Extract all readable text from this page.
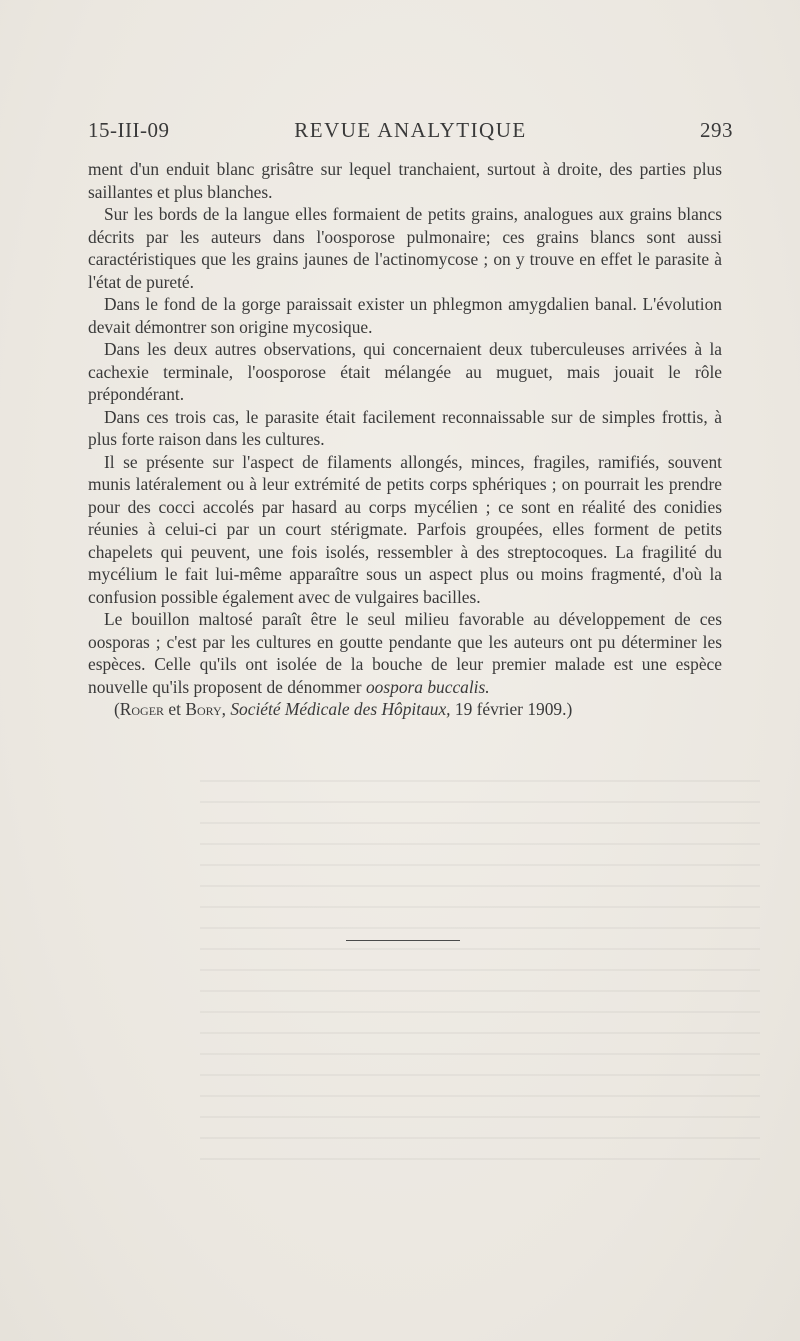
15-III-09	REVUE ANALYTIQUE	293

ment d'un enduit blanc grisâtre sur lequel tranchaient, surtout à droite, des parties plus saillantes et plus blanches.

Sur les bords de la langue elles formaient de petits grains, analogues aux grains blancs décrits par les auteurs dans l'oosporose pulmonaire; ces grains blancs sont aussi caractéristiques que les grains jaunes de l'actinomycose ; on y trouve en effet le parasite à l'état de pureté.

Dans le fond de la gorge paraissait exister un phlegmon amygdalien banal. L'évolution devait démontrer son origine mycosique.

Dans les deux autres observations, qui concernaient deux tuberculeuses arrivées à la cachexie terminale, l'oosporose était mélangée au muguet, mais jouait le rôle prépondérant.

Dans ces trois cas, le parasite était facilement reconnaissable sur de simples frottis, à plus forte raison dans les cultures.

Il se présente sur l'aspect de filaments allongés, minces, fragiles, ramifiés, souvent munis latéralement ou à leur extrémité de petits corps sphériques ; on pourrait les prendre pour des cocci accolés par hasard au corps mycélien ; ce sont en réalité des conidies réunies à celui-ci par un court stérigmate. Parfois groupées, elles forment de petits chapelets qui peuvent, une fois isolés, ressembler à des streptocoques. La fragilité du mycélium le fait lui-même apparaître sous un aspect plus ou moins fragmenté, d'où la confusion possible également avec de vulgaires bacilles.

Le bouillon maltosé paraît être le seul milieu favorable au développement de ces oosporas ; c'est par les cultures en goutte pendante que les auteurs ont pu déterminer les espèces. Celle qu'ils ont isolée de la bouche de leur premier malade est une espèce nouvelle qu'ils proposent de dénommer oospora buccalis.

(Roger et Bory, Société Médicale des Hôpitaux, 19 février 1909.)
